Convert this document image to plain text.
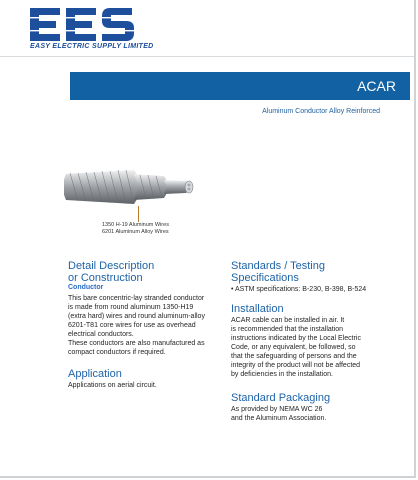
EASY ELECTRIC SUPPLY LIMITED
ACAR
Aluminum Conductor Alloy Reinforced
1350 H-19 Aluminum Wires
6201 Aluminum Alloy Wires
Detail Description
or Construction
Conductor
This bare concentric-lay stranded conductor
is made from round aluminum 1350-H19
(extra hard) wires and round aluminum-alloy
6201-T81 core wires for use as overhead
electrical conductors.
These conductors are also manufactured as
compact conductors if required.
Application
Applications on aerial circuit.
Standards / Testing
Specifications
• ASTM specifications: B-230, B-398, B-524
Installation
ACAR cable can be installed in air. It
is recommended that the installation
instructions indicated by the Local Electric
Code, or any equivalent, be followed, so
that the safeguarding of persons and the
integrity of the product will not be affected
by deficiencies in the installation.
Standard Packaging
As provided by NEMA WC 26
and the Aluminum Association.
